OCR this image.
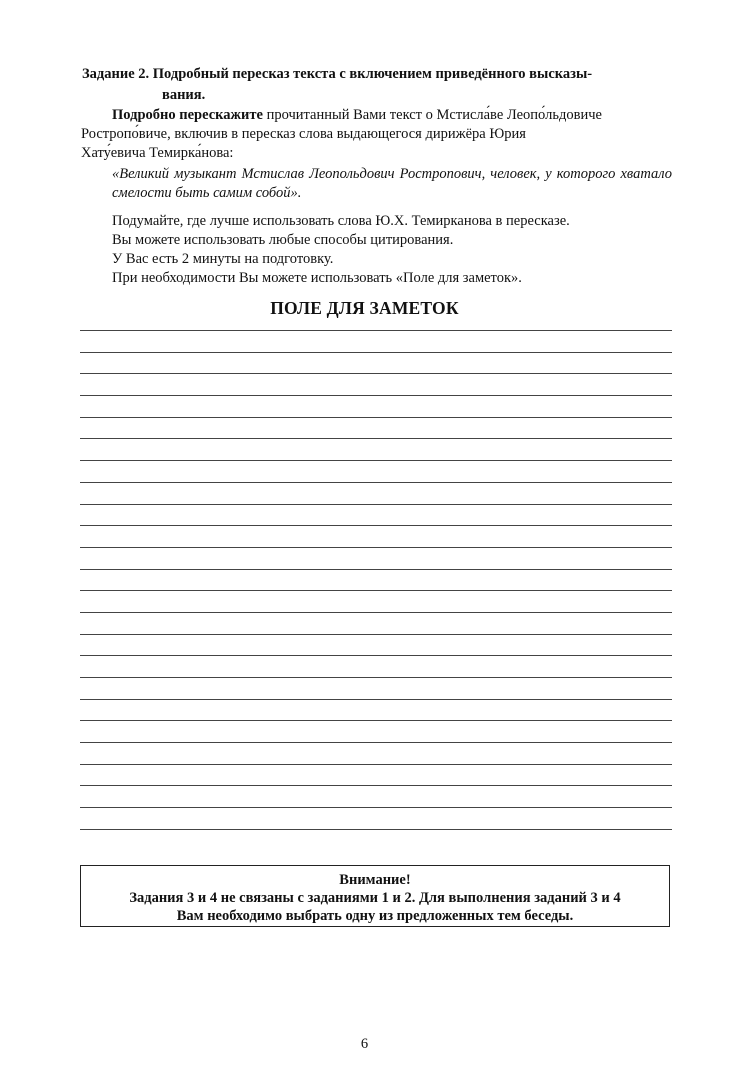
Задание 2. Подробный пересказ текста с включением приведённого высказы-
вания.
Подробно перескажите прочитанный Вами текст о Мстисла́ве Леопо́льдовиче
Ростропо́виче, включив в пересказ слова выдающегося дирижёра Юрия
Хату́евича Темирка́нова:
«Великий музыкант Мстислав Леопольдович Ростропович, человек, у которого хватало смелости быть самим собой».
Подумайте, где лучше использовать слова Ю.Х. Темирканова в пересказе.
Вы можете использовать любые способы цитирования.
У Вас есть 2 минуты на подготовку.
При необходимости Вы можете использовать «Поле для заметок».
ПОЛЕ ДЛЯ ЗАМЕТОК
Внимание!
Задания 3 и 4 не связаны с заданиями 1 и 2. Для выполнения заданий 3 и 4
Вам необходимо выбрать одну из предложенных тем беседы.
6
